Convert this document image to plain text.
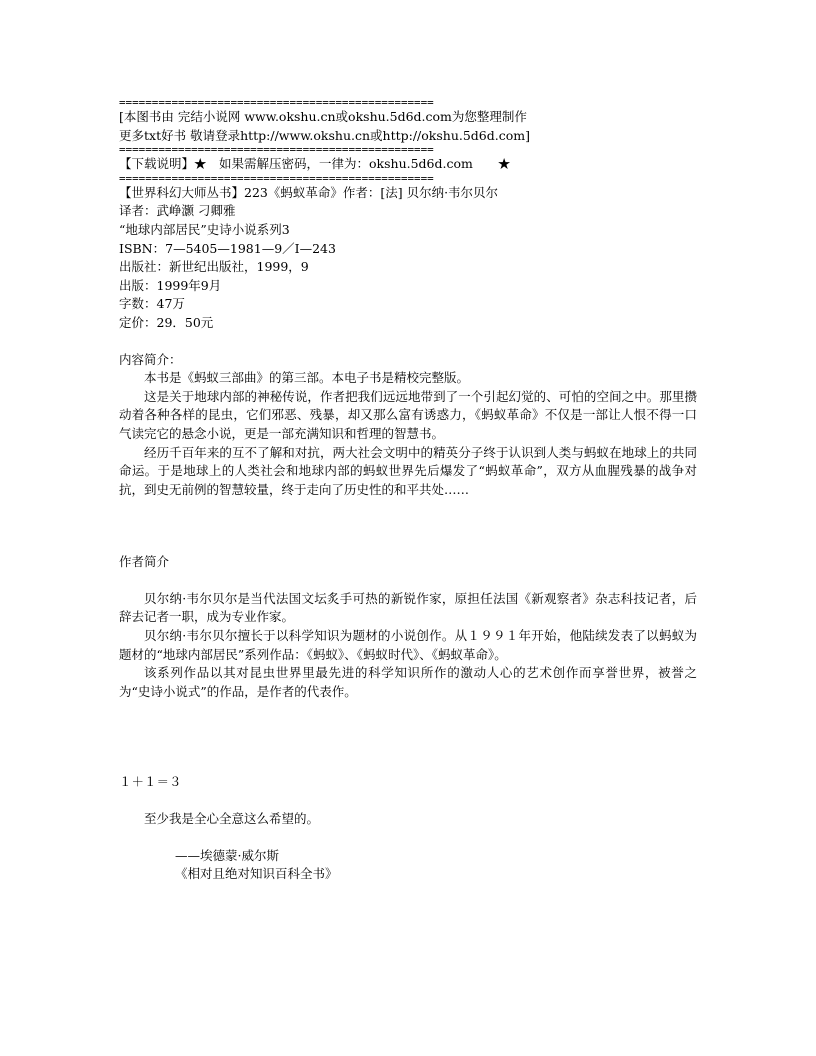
================================================

[本图书由 完结小说网 www.okshu.cn或okshu.5d6d.com为您整理制作

更多txt好书 敬请登录http://www.okshu.cn或http://okshu.5d6d.com]

================================================

【下载说明】★　如果需解压密码，一律为：okshu.5d6d.com　　★

================================================

【世界科幻大师丛书】223《蚂蚁革命》作者：[法] 贝尔纳·韦尔贝尔

译者：武峥灏 刁卿雅

“地球内部居民”史诗小说系列3

ISBN：7—5405—1981—9／I—243

出版社：新世纪出版社，1999，9

出版：1999年9月

字数：47万

定价：29．50元

内容简介：

本书是《蚂蚁三部曲》的第三部。本电子书是精校完整版。

这是关于地球内部的神秘传说，作者把我们远远地带到了一个引起幻觉的、可怕的空间之中。那里攒动着各种各样的昆虫，它们邪恶、残暴，却又那么富有诱惑力，《蚂蚁革命》不仅是一部让人恨不得一口气读完它的悬念小说，更是一部充满知识和哲理的智慧书。

经历千百年来的互不了解和对抗，两大社会文明中的精英分子终于认识到人类与蚂蚁在地球上的共同命运。于是地球上的人类社会和地球内部的蚂蚁世界先后爆发了“蚂蚁革命”，双方从血腥残暴的战争对抗，到史无前例的智慧较量，终于走向了历史性的和平共处……

作者简介

贝尔纳·韦尔贝尔是当代法国文坛炙手可热的新锐作家，原担任法国《新观察者》杂志科技记者，后辞去记者一职，成为专业作家。

贝尔纳·韦尔贝尔擅长于以科学知识为题材的小说创作。从１９９１年开始，他陆续发表了以蚂蚁为题材的“地球内部居民”系列作品：《蚂蚁》、《蚂蚁时代》、《蚂蚁革命》。

该系列作品以其对昆虫世界里最先进的科学知识所作的激动人心的艺术创作而享誉世界，被誉之为“史诗小说式”的作品，是作者的代表作。

１＋１＝３

至少我是全心全意这么希望的。

——埃德蒙·威尔斯

《相对且绝对知识百科全书》
